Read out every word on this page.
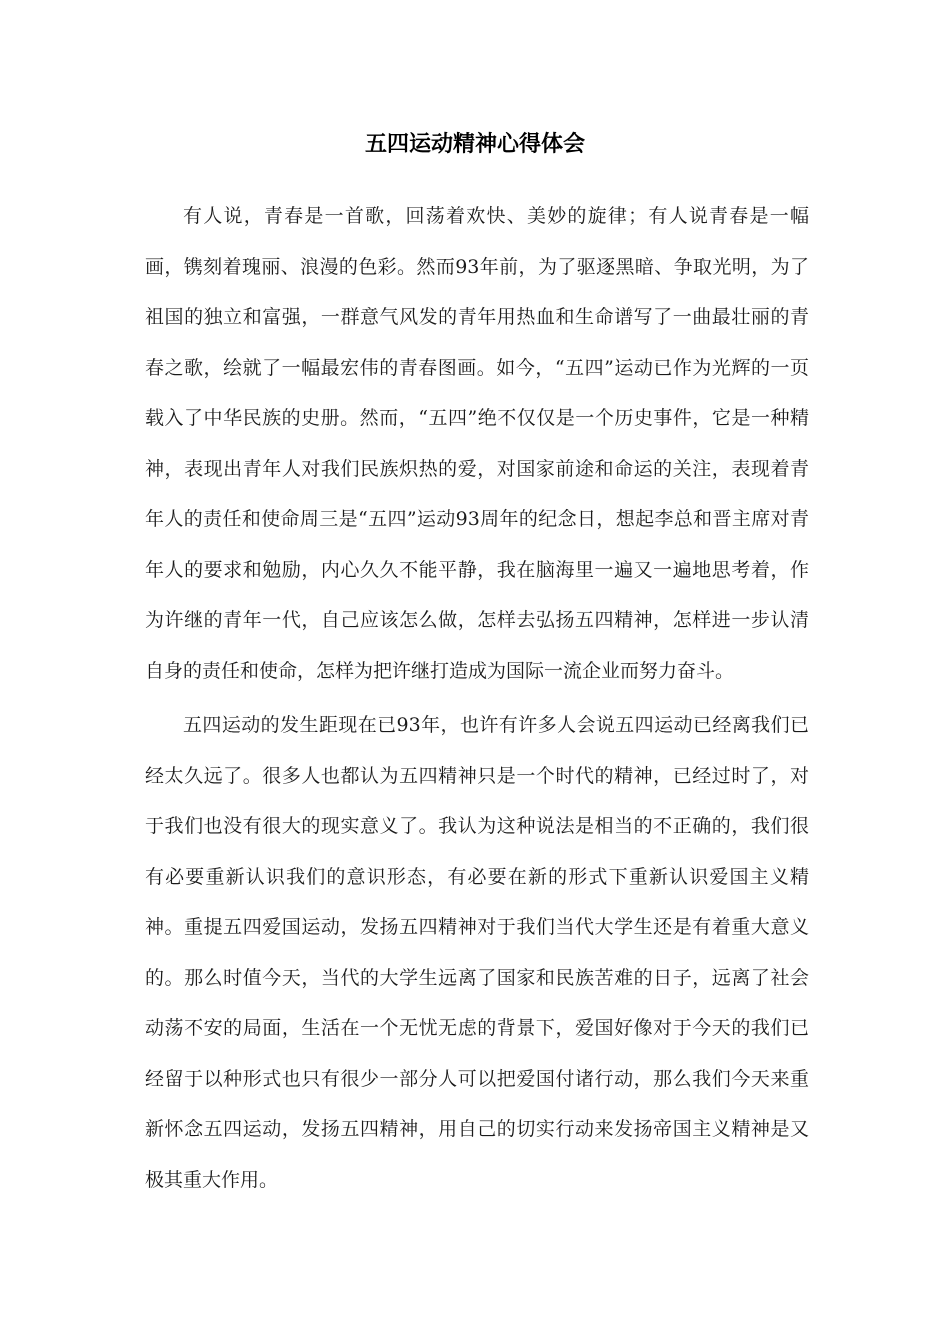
五四运动精神心得体会

有人说，青春是一首歌，回荡着欢快、美妙的旋律；有人说青春是一幅画，镌刻着瑰丽、浪漫的色彩。然而93年前，为了驱逐黑暗、争取光明，为了祖国的独立和富强，一群意气风发的青年用热血和生命谱写了一曲最壮丽的青春之歌，绘就了一幅最宏伟的青春图画。如今，“五四”运动已作为光辉的一页载入了中华民族的史册。然而，“五四”绝不仅仅是一个历史事件，它是一种精神，表现出青年人对我们民族炽热的爱，对国家前途和命运的关注，表现着青年人的责任和使命周三是“五四”运动93周年的纪念日，想起李总和晋主席对青年人的要求和勉励，内心久久不能平静，我在脑海里一遍又一遍地思考着，作为许继的青年一代，自己应该怎么做，怎样去弘扬五四精神，怎样进一步认清自身的责任和使命，怎样为把许继打造成为国际一流企业而努力奋斗。

五四运动的发生距现在已93年，也许有许多人会说五四运动已经离我们已经太久远了。很多人也都认为五四精神只是一个时代的精神，已经过时了，对于我们也没有很大的现实意义了。我认为这种说法是相当的不正确的，我们很有必要重新认识我们的意识形态，有必要在新的形式下重新认识爱国主义精神。重提五四爱国运动，发扬五四精神对于我们当代大学生还是有着重大意义的。那么时值今天，当代的大学生远离了国家和民族苦难的日子，远离了社会动荡不安的局面，生活在一个无忧无虑的背景下，爱国好像对于今天的我们已经留于以种形式也只有很少一部分人可以把爱国付诸行动，那么我们今天来重新怀念五四运动，发扬五四精神，用自己的切实行动来发扬帝国主义精神是又极其重大作用。
